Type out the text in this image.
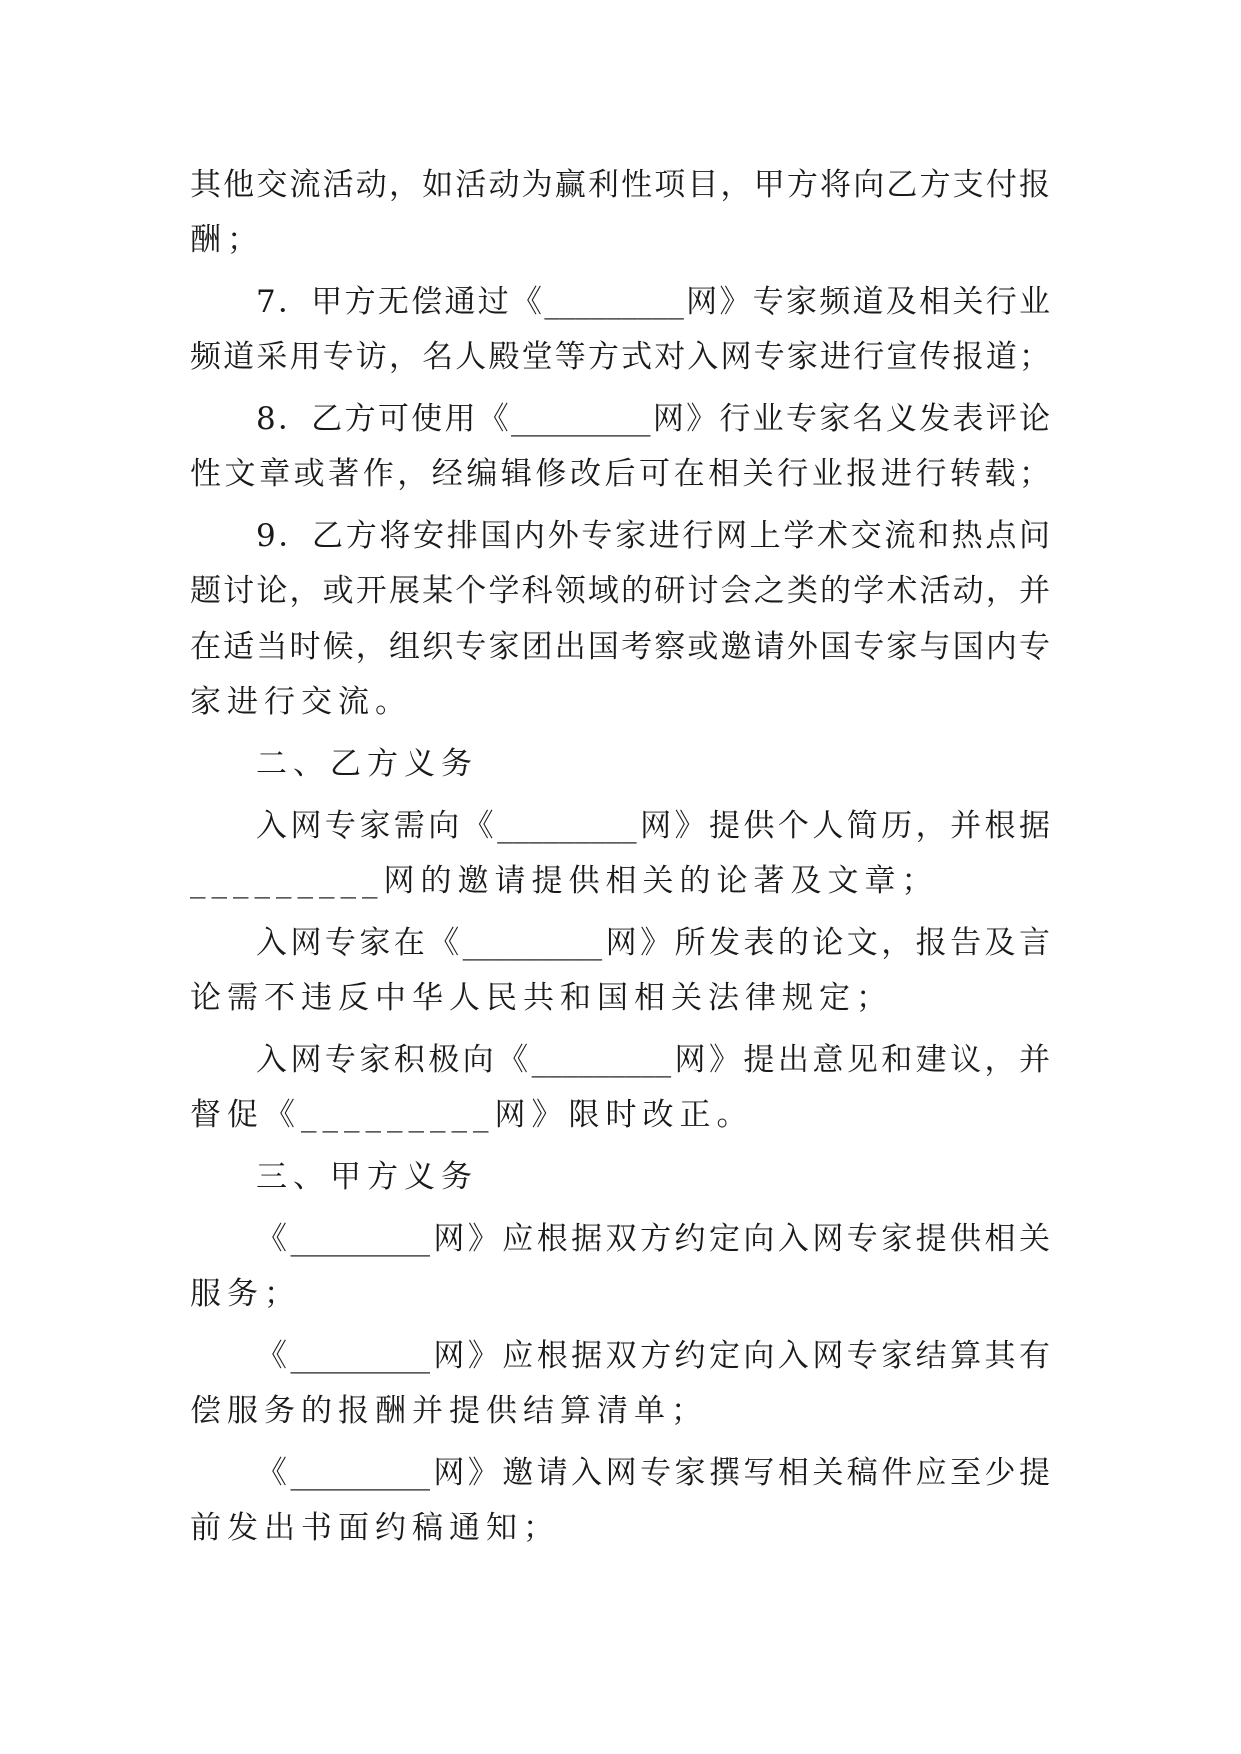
其他交流活动，如活动为赢利性项目，甲方将向乙方支付报
酬；
7．甲方无偿通过《_________网》专家频道及相关行业
频道采用专访，名人殿堂等方式对入网专家进行宣传报道；
8．乙方可使用《_________网》行业专家名义发表评论
性文章或著作，经编辑修改后可在相关行业报进行转载；
9．乙方将安排国内外专家进行网上学术交流和热点问
题讨论，或开展某个学科领域的研讨会之类的学术活动，并
在适当时候，组织专家团出国考察或邀请外国专家与国内专
家进行交流。
二、乙方义务
入网专家需向《_________网》提供个人简历，并根据
_________网的邀请提供相关的论著及文章；
入网专家在《_________网》所发表的论文，报告及言
论需不违反中华人民共和国相关法律规定；
入网专家积极向《_________网》提出意见和建议，并
督促《_________网》限时改正。
三、甲方义务
《_________网》应根据双方约定向入网专家提供相关
服务；
《_________网》应根据双方约定向入网专家结算其有
偿服务的报酬并提供结算清单；
《_________网》邀请入网专家撰写相关稿件应至少提
前发出书面约稿通知；
